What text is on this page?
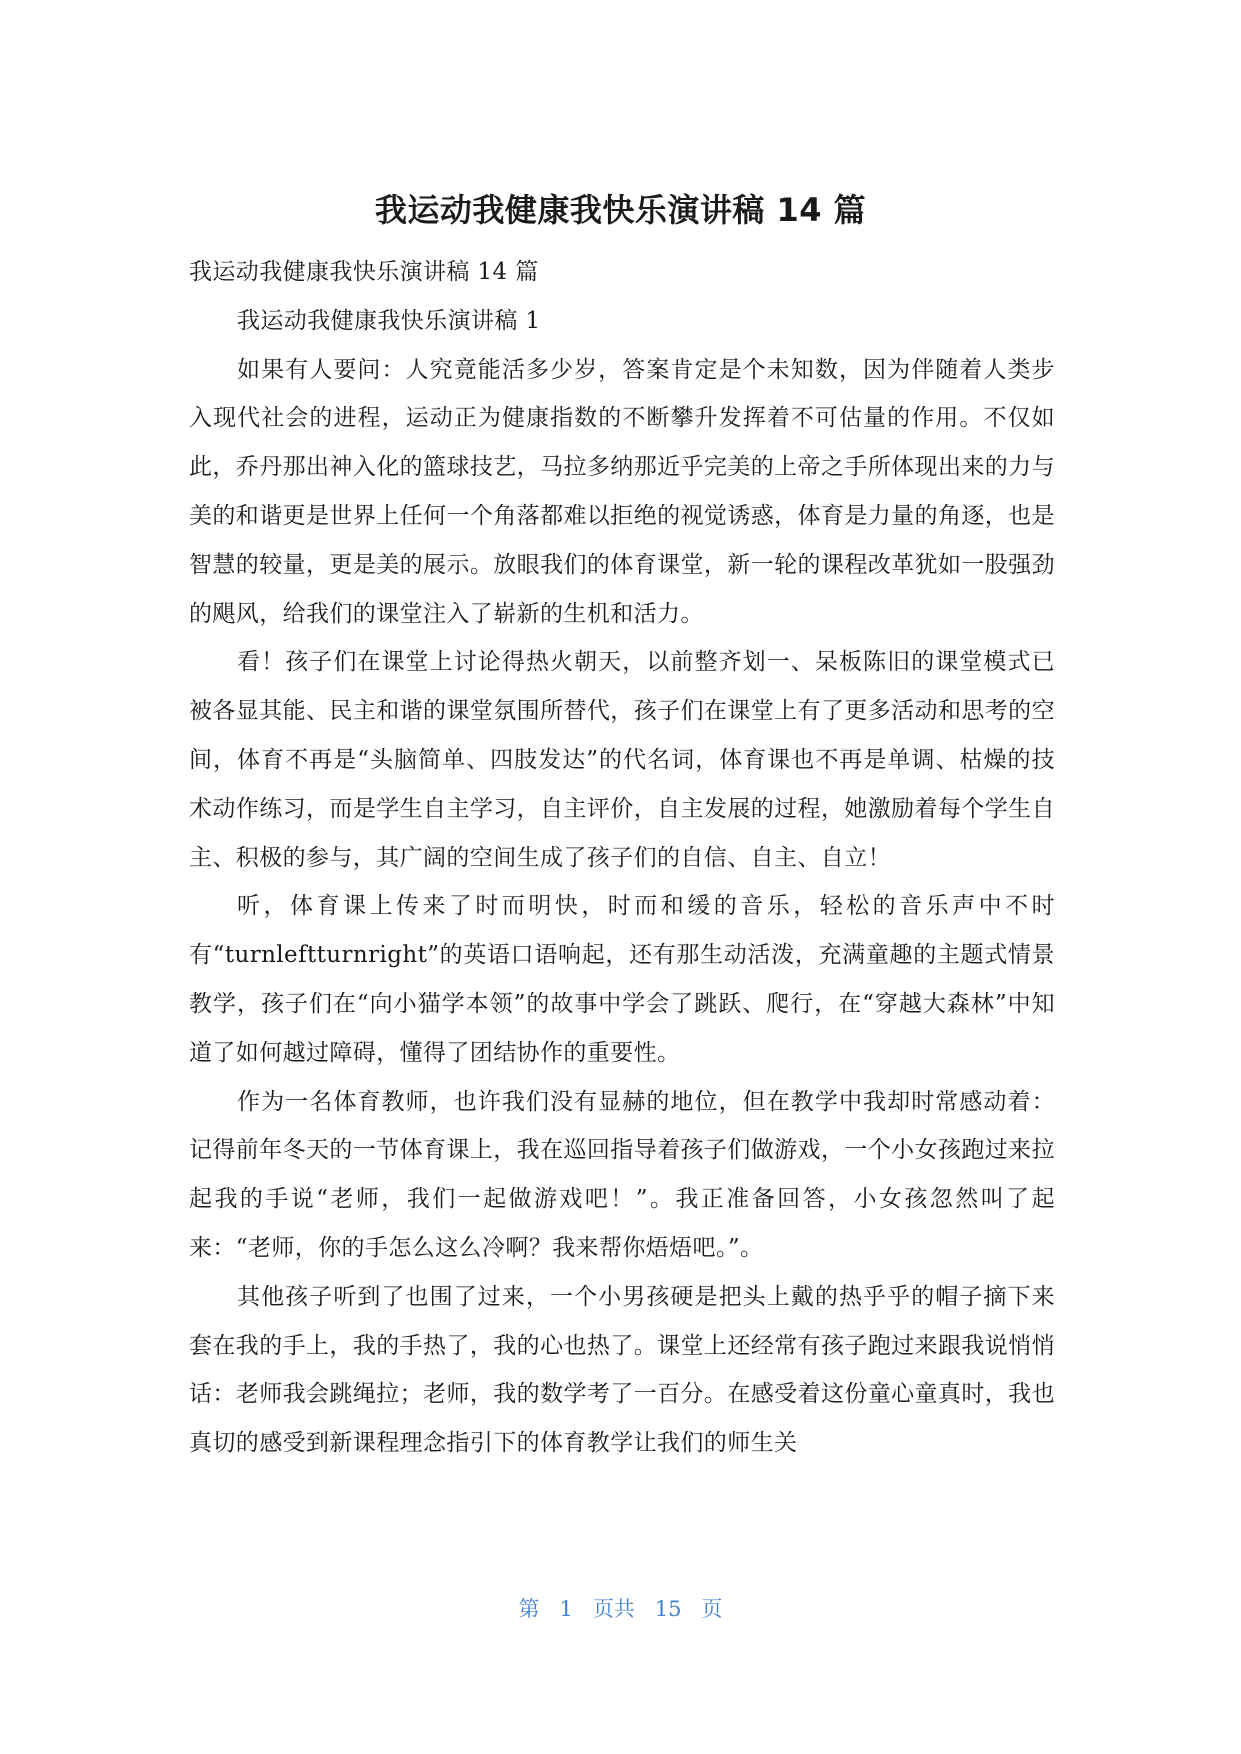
我运动我健康我快乐演讲稿 14 篇

我运动我健康我快乐演讲稿 14 篇

我运动我健康我快乐演讲稿 1

如果有人要问：人究竟能活多少岁，答案肯定是个未知数，因为伴随着人类步入现代社会的进程，运动正为健康指数的不断攀升发挥着不可估量的作用。不仅如此，乔丹那出神入化的篮球技艺，马拉多纳那近乎完美的上帝之手所体现出来的力与美的和谐更是世界上任何一个角落都难以拒绝的视觉诱惑，体育是力量的角逐，也是智慧的较量，更是美的展示。放眼我们的体育课堂，新一轮的课程改革犹如一股强劲的飓风，给我们的课堂注入了崭新的生机和活力。

看！孩子们在课堂上讨论得热火朝天，以前整齐划一、呆板陈旧的课堂模式已被各显其能、民主和谐的课堂氛围所替代，孩子们在课堂上有了更多活动和思考的空间，体育不再是“头脑简单、四肢发达”的代名词，体育课也不再是单调、枯燥的技术动作练习，而是学生自主学习，自主评价，自主发展的过程，她激励着每个学生自主、积极的参与，其广阔的空间生成了孩子们的自信、自主、自立！

听，体育课上传来了时而明快，时而和缓的音乐，轻松的音乐声中不时有“turnleftturnright”的英语口语响起，还有那生动活泼，充满童趣的主题式情景教学，孩子们在“向小猫学本领”的故事中学会了跳跃、爬行，在“穿越大森林”中知道了如何越过障碍，懂得了团结协作的重要性。

作为一名体育教师，也许我们没有显赫的地位，但在教学中我却时常感动着：记得前年冬天的一节体育课上，我在巡回指导着孩子们做游戏，一个小女孩跑过来拉起我的手说“老师，我们一起做游戏吧！”。我正准备回答，小女孩忽然叫了起来：“老师，你的手怎么这么冷啊？我来帮你焐焐吧。”。

其他孩子听到了也围了过来，一个小男孩硬是把头上戴的热乎乎的帽子摘下来套在我的手上，我的手热了，我的心也热了。课堂上还经常有孩子跑过来跟我说悄悄话：老师我会跳绳拉；老师，我的数学考了一百分。在感受着这份童心童真时，我也真切的感受到新课程理念指引下的体育教学让我们的师生关

第 1 页共 15 页
